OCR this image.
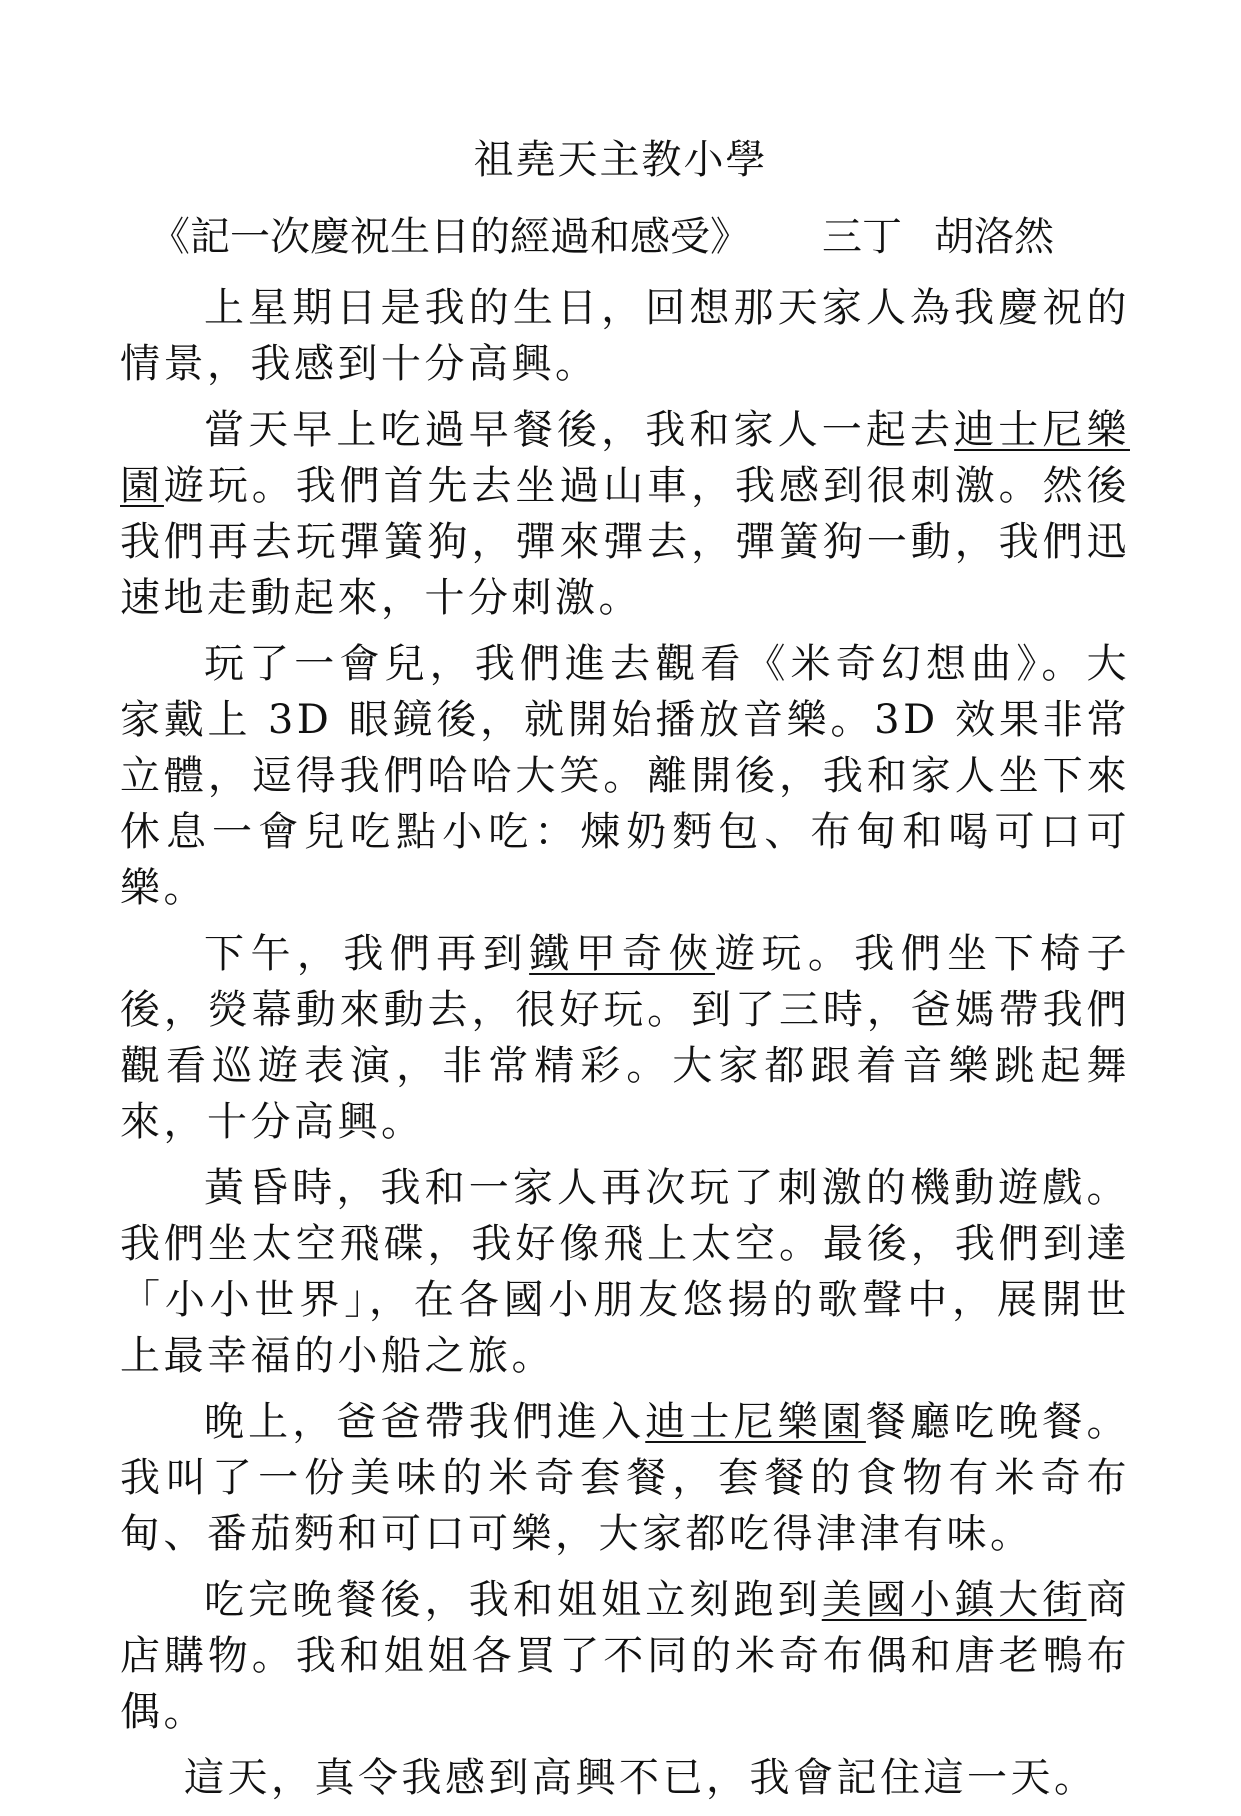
祖堯天主教小學
《記一次慶祝生日的經過和感受》 三丁 胡洛然

上星期日是我的生日，回想那天家人為我慶祝的情景，我感到十分高興。

當天早上吃過早餐後，我和家人一起去迪士尼樂園遊玩。我們首先去坐過山車，我感到很刺激。然後我們再去玩彈簧狗，彈來彈去，彈簧狗一動，我們迅速地走動起來，十分刺激。

玩了一會兒，我們進去觀看《米奇幻想曲》。大家戴上 3D 眼鏡後，就開始播放音樂。3D 效果非常立體，逗得我們哈哈大笑。離開後，我和家人坐下來休息一會兒吃點小吃：煉奶麪包、布甸和喝可口可樂。

下午，我們再到鐵甲奇俠遊玩。我們坐下椅子後，熒幕動來動去，很好玩。到了三時，爸媽帶我們觀看巡遊表演，非常精彩。大家都跟着音樂跳起舞來，十分高興。

黃昏時，我和一家人再次玩了刺激的機動遊戲。我們坐太空飛碟，我好像飛上太空。最後，我們到達「小小世界」，在各國小朋友悠揚的歌聲中，展開世上最幸福的小船之旅。

晚上，爸爸帶我們進入迪士尼樂園餐廳吃晚餐。我叫了一份美味的米奇套餐，套餐的食物有米奇布甸、番茄麪和可口可樂，大家都吃得津津有味。

吃完晚餐後，我和姐姐立刻跑到美國小鎮大街商店購物。我和姐姐各買了不同的米奇布偶和唐老鴨布偶。

這天，真令我感到高興不已，我會記住這一天。
